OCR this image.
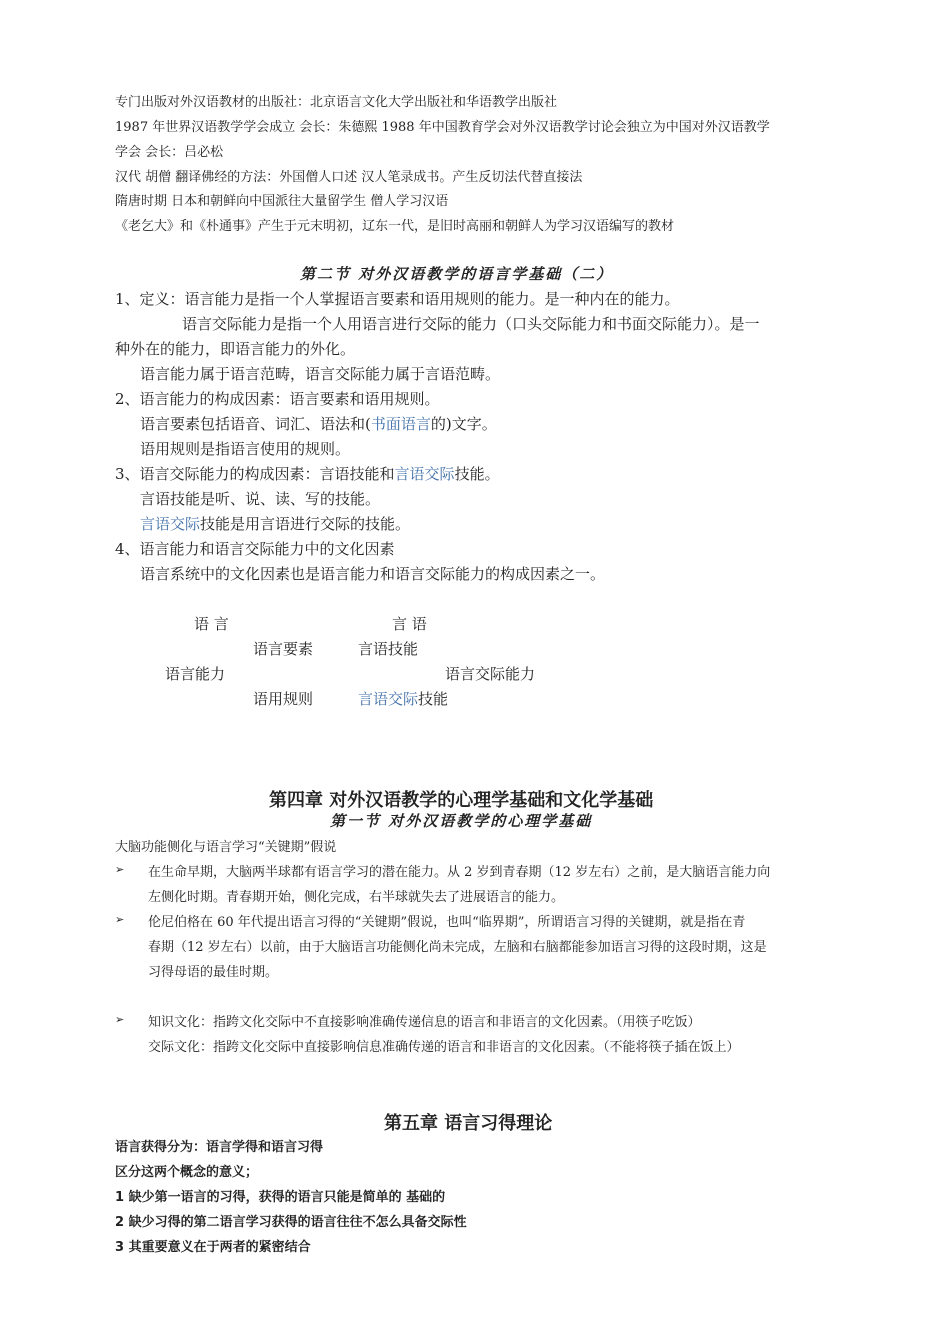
专门出版对外汉语教材的出版社：北京语言文化大学出版社和华语教学出版社
1987 年世界汉语教学学会成立 会长：朱德熙 1988 年中国教育学会对外汉语教学讨论会独立为中国对外汉语教学
学会 会长：吕必松
汉代 胡僧 翻译佛经的方法：外国僧人口述 汉人笔录成书。产生反切法代替直接法
隋唐时期 日本和朝鲜向中国派往大量留学生 僧人学习汉语
《老乞大》和《朴通事》产生于元末明初，辽东一代，是旧时高丽和朝鲜人为学习汉语编写的教材
第二节 对外汉语教学的语言学基础（二）
1、定义：语言能力是指一个人掌握语言要素和语用规则的能力。是一种内在的能力。
语言交际能力是指一个人用语言进行交际的能力（口头交际能力和书面交际能力）。是一
种外在的能力，即语言能力的外化。
语言能力属于语言范畴，语言交际能力属于言语范畴。
2、语言能力的构成因素：语言要素和语用规则。
语言要素包括语音、词汇、语法和(书面语言的)文字。
语用规则是指语言使用的规则。
3、语言交际能力的构成因素：言语技能和言语交际技能。
言语技能是听、说、读、写的技能。
言语交际技能是用言语进行交际的技能。
4、语言能力和语言交际能力中的文化因素
语言系统中的文化因素也是语言能力和语言交际能力的构成因素之一。
语 言	言 语
语言要素	言语技能
语言能力	语言交际能力
语用规则	言语交际技能
第四章 对外汉语教学的心理学基础和文化学基础
第一节 对外汉语教学的心理学基础
大脑功能侧化与语言学习“关键期”假说
➢ 在生命早期，大脑两半球都有语言学习的潜在能力。从 2 岁到青春期（12 岁左右）之前，是大脑语言能力向
左侧化时期。青春期开始，侧化完成，右半球就失去了进展语言的能力。
➢ 伦尼伯格在 60 年代提出语言习得的“关键期”假说，也叫“临界期”，所谓语言习得的关键期，就是指在青
春期（12 岁左右）以前，由于大脑语言功能侧化尚未完成，左脑和右脑都能参加语言习得的这段时期，这是
习得母语的最佳时期。
➢ 知识文化：指跨文化交际中不直接影响准确传递信息的语言和非语言的文化因素。（用筷子吃饭）
交际文化：指跨文化交际中直接影响信息准确传递的语言和非语言的文化因素。（不能将筷子插在饭上）
第五章 语言习得理论
语言获得分为：语言学得和语言习得
区分这两个概念的意义；
1 缺少第一语言的习得，获得的语言只能是简单的 基础的
2 缺少习得的第二语言学习获得的语言往往不怎么具备交际性
3 其重要意义在于两者的紧密结合
